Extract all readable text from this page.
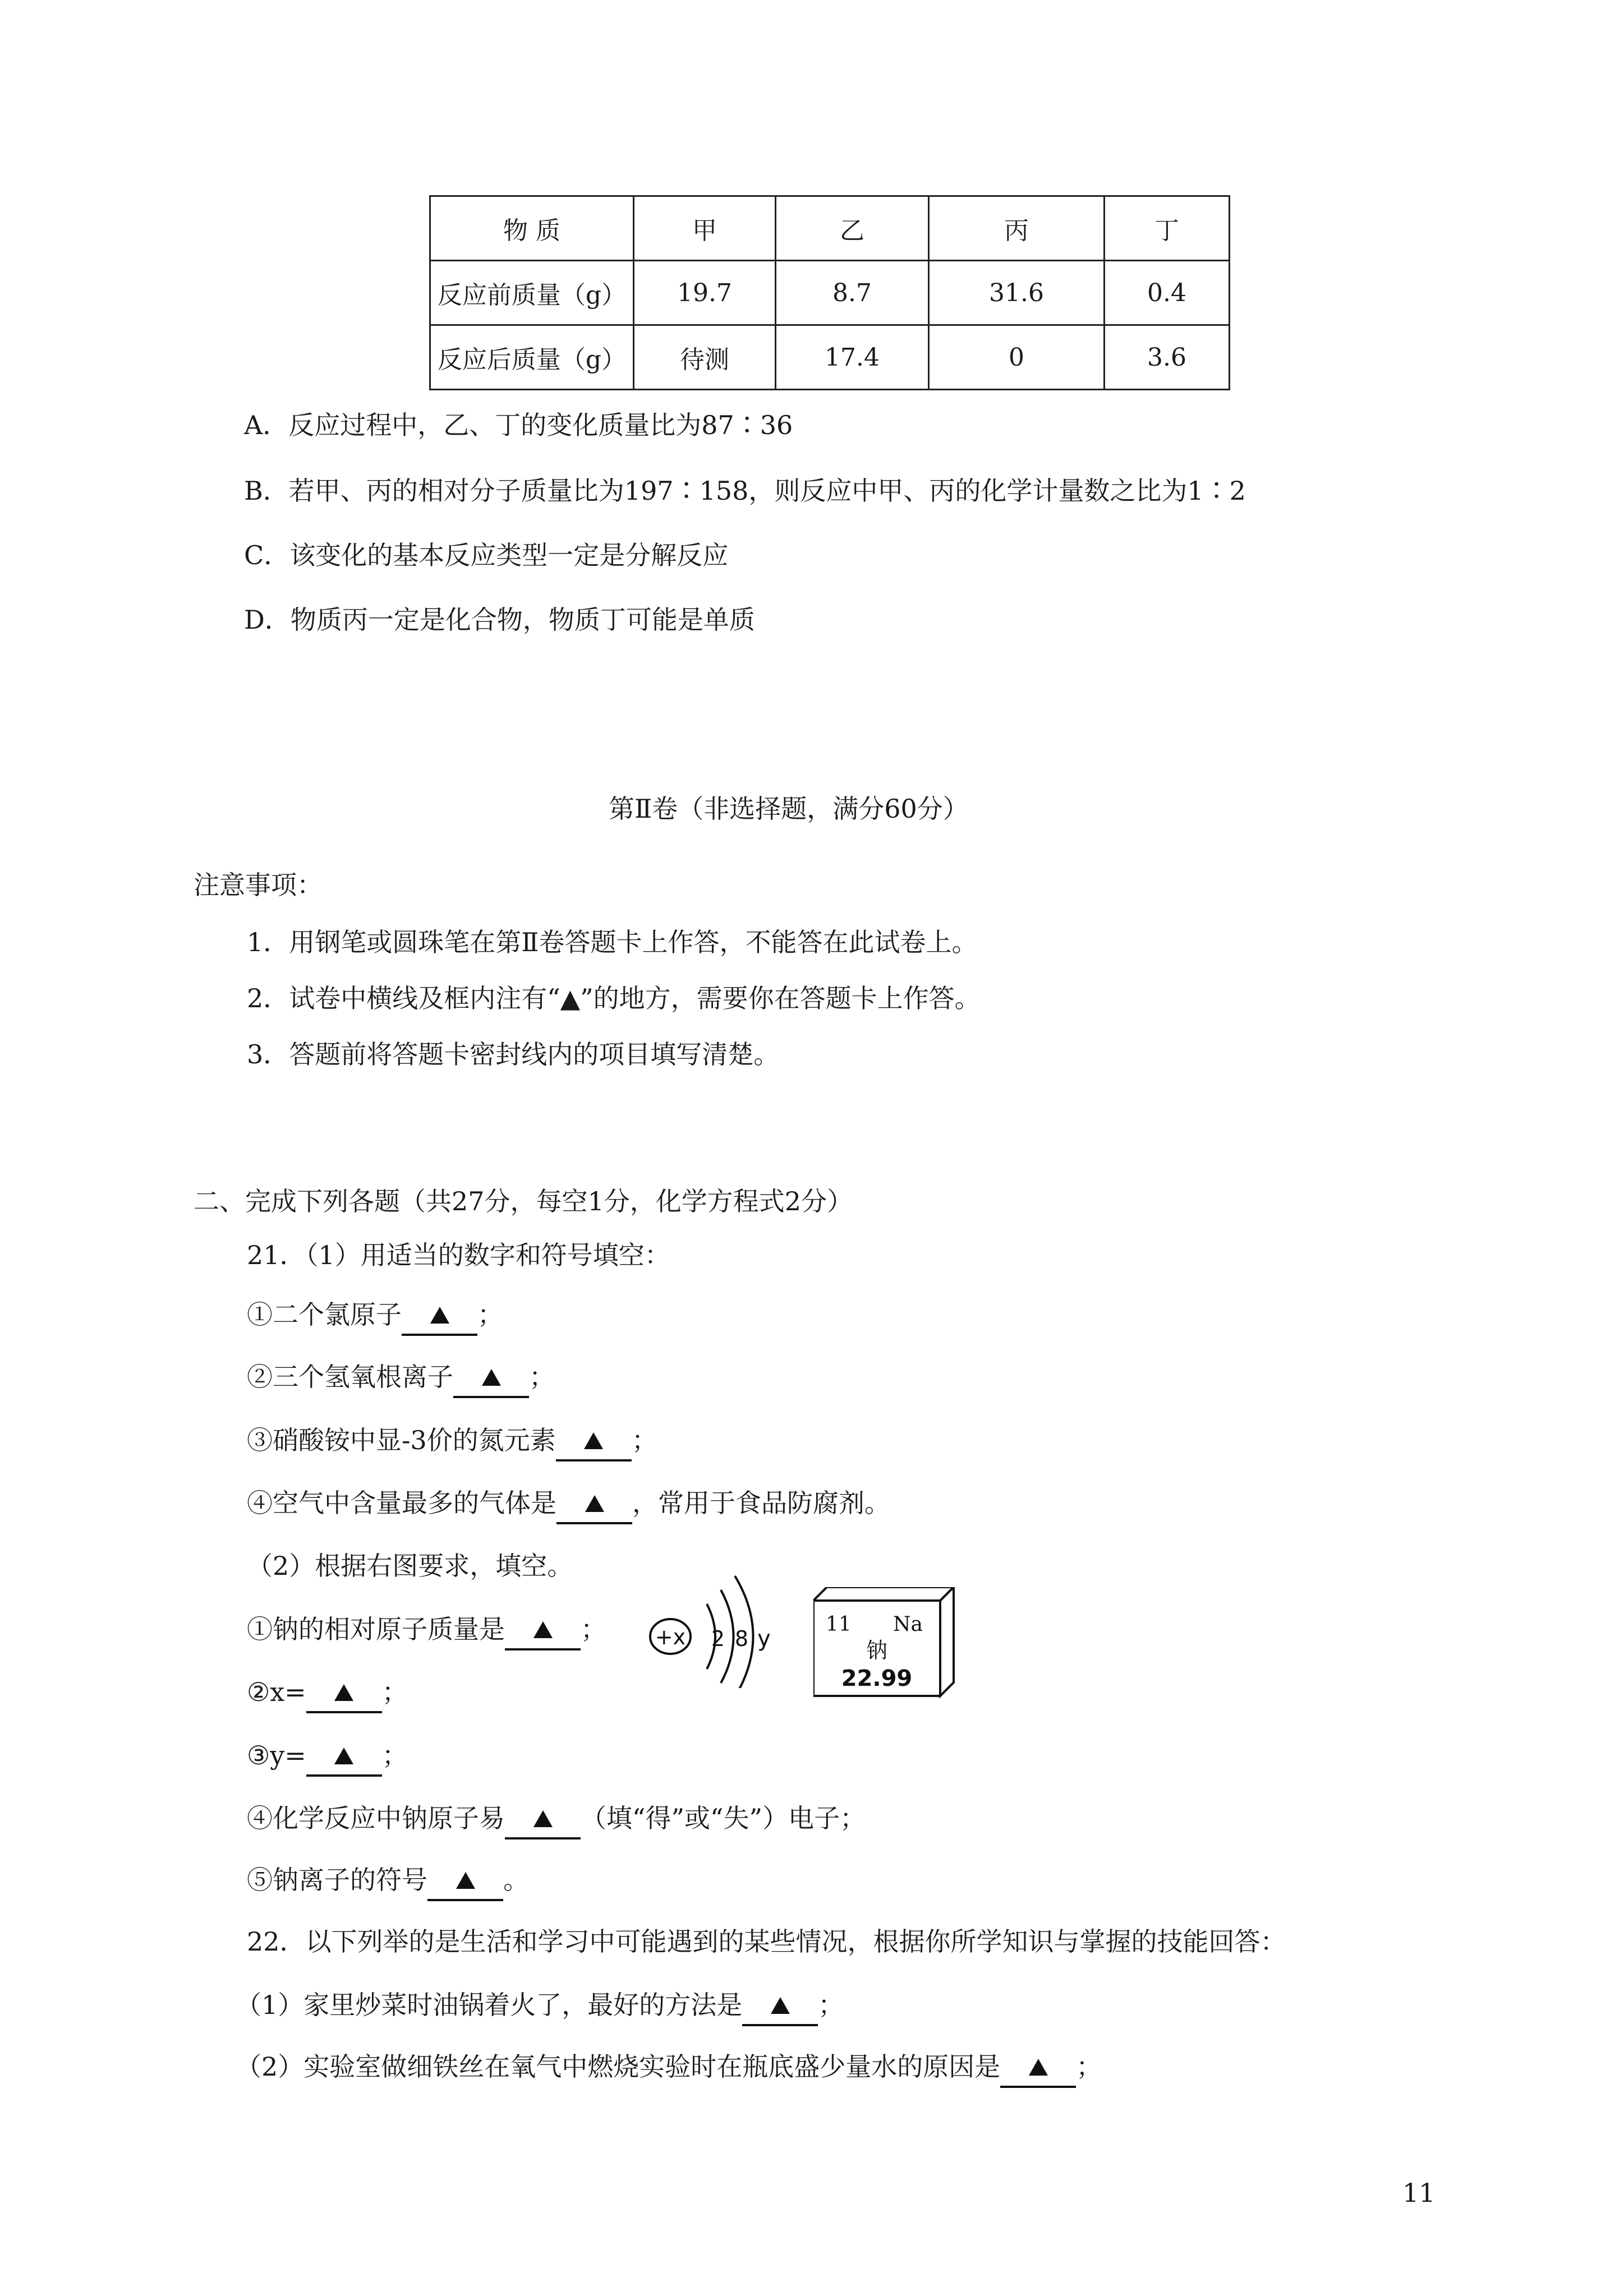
物 质	甲	乙	丙	丁
反应前质量（g）	19.7	8.7	31.6	0.4
反应后质量（g）	待测	17.4	0	3.6
A．反应过程中，乙、丁的变化质量比为87∶36
B．若甲、丙的相对分子质量比为197∶158，则反应中甲、丙的化学计量数之比为1∶2
C．该变化的基本反应类型一定是分解反应
D．物质丙一定是化合物，物质丁可能是单质
第Ⅱ卷（非选择题，满分60分）
注意事项：
1．用钢笔或圆珠笔在第Ⅱ卷答题卡上作答，不能答在此试卷上。
2．试卷中横线及框内注有“▲”的地方，需要你在答题卡上作答。
3．答题前将答题卡密封线内的项目填写清楚。
二、完成下列各题（共27分，每空1分，化学方程式2分）
21．（1）用适当的数字和符号填空：
①二个氯原子	；
②三个氢氧根离子	；
③硝酸铵中显-3价的氮元素	；
④空气中含量最多的气体是	，常用于食品防腐剂。
（2）根据右图要求，填空。
①钠的相对原子质量是	；
②x=	；
③y=	；
④化学反应中钠原子易	（填“得”或“失”）电子；
⑤钠离子的符号	。
+x 2 8 y
11 Na
钠
22.99
22．以下列举的是生活和学习中可能遇到的某些情况，根据你所学知识与掌握的技能回答：
（1）家里炒菜时油锅着火了，最好的方法是	；
（2）实验室做细铁丝在氧气中燃烧实验时在瓶底盛少量水的原因是	；
11
